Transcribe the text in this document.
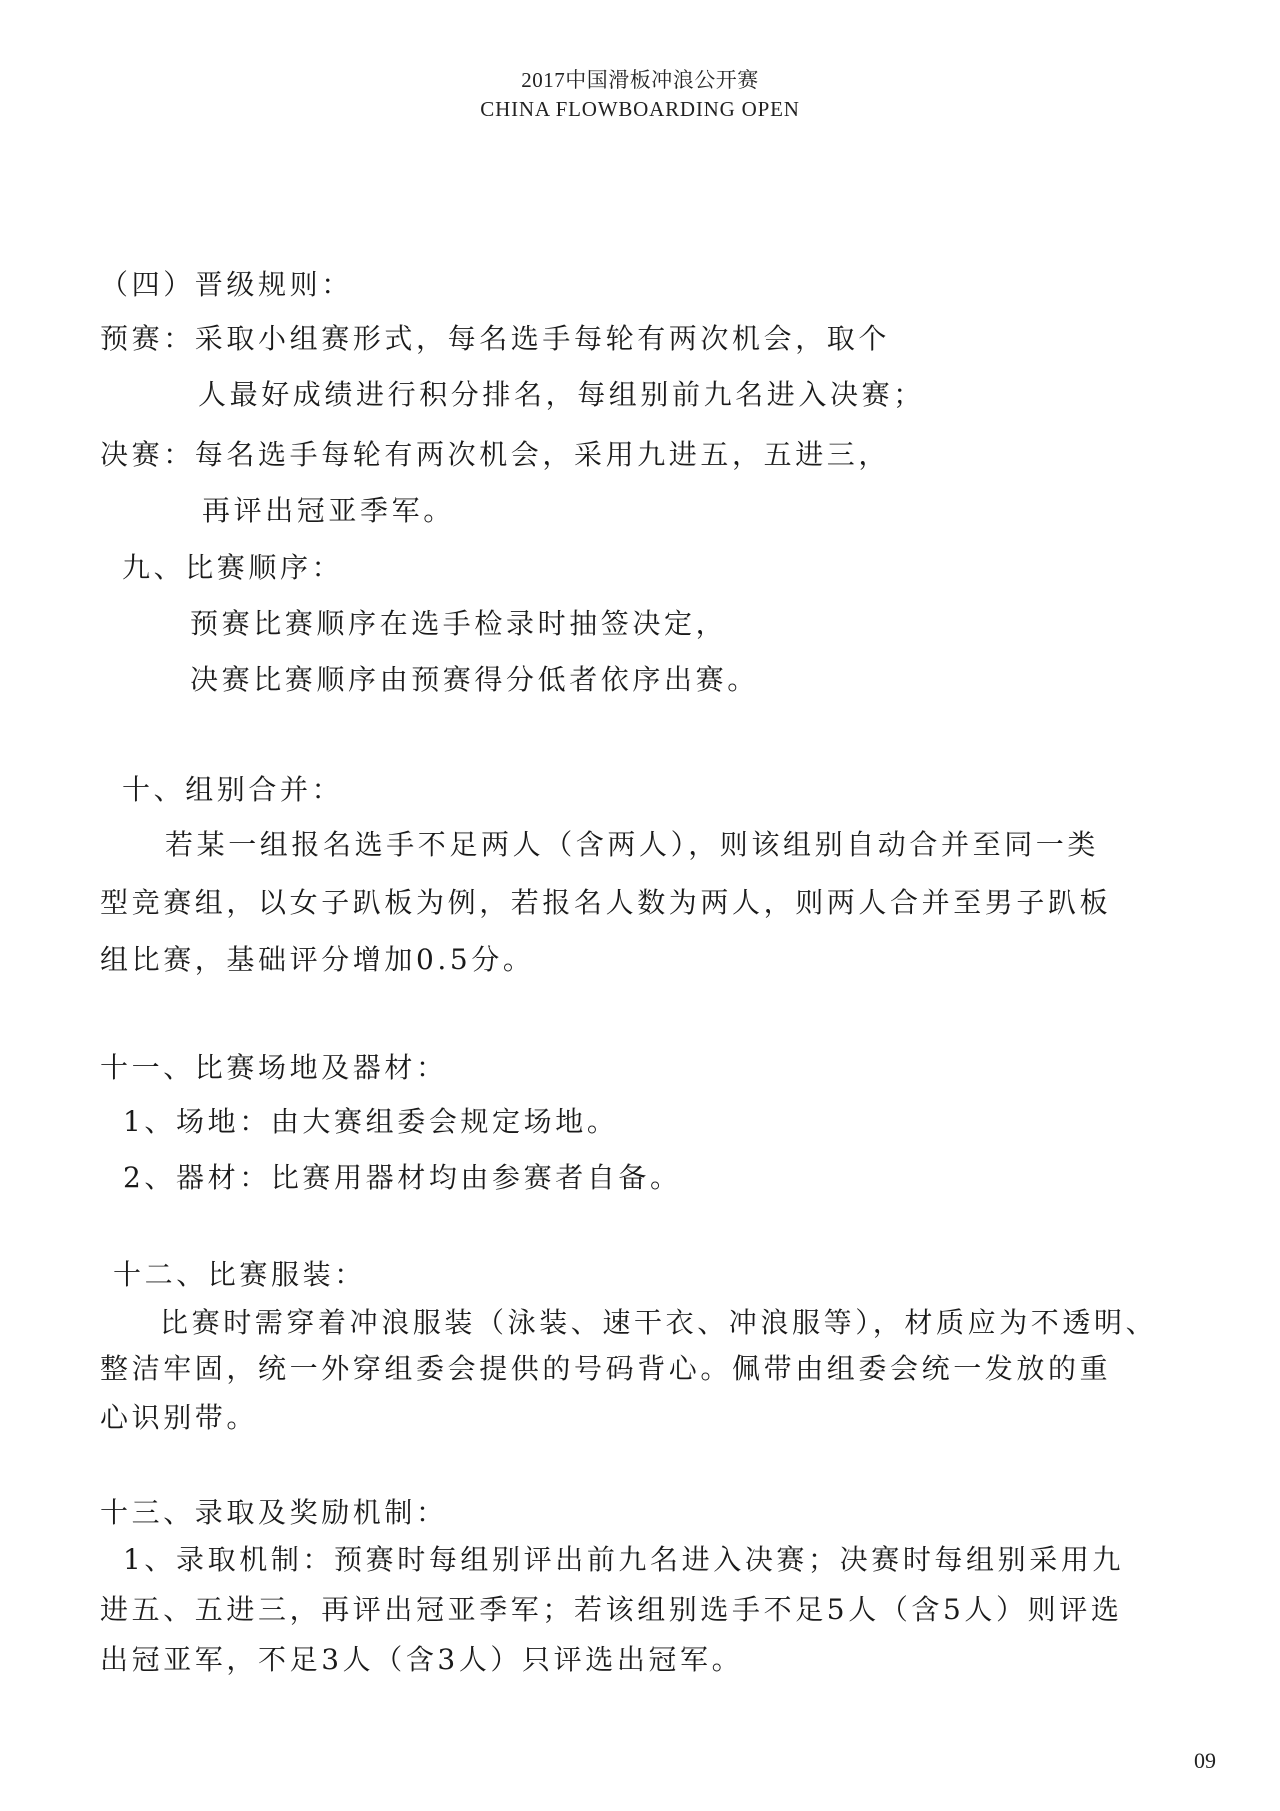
2017中国滑板冲浪公开赛
CHINA FLOWBOARDING OPEN
（四）晋级规则：
预赛：采取小组赛形式，每名选手每轮有两次机会，取个
人最好成绩进行积分排名，每组别前九名进入决赛；
决赛：每名选手每轮有两次机会，采用九进五，五进三，
再评出冠亚季军。
九、比赛顺序：
预赛比赛顺序在选手检录时抽签决定，
决赛比赛顺序由预赛得分低者依序出赛。
十、组别合并：
若某一组报名选手不足两人（含两人），则该组别自动合并至同一类
型竞赛组，以女子趴板为例，若报名人数为两人，则两人合并至男子趴板
组比赛，基础评分增加0.5分。
十一、比赛场地及器材：
1、场地：由大赛组委会规定场地。
2、器材：比赛用器材均由参赛者自备。
十二、比赛服装：
比赛时需穿着冲浪服装（泳装、速干衣、冲浪服等），材质应为不透明、
整洁牢固，统一外穿组委会提供的号码背心。佩带由组委会统一发放的重
心识别带。
十三、录取及奖励机制：
1、录取机制：预赛时每组别评出前九名进入决赛；决赛时每组别采用九
进五、五进三，再评出冠亚季军；若该组别选手不足5人（含5人）则评选
出冠亚军，不足3人（含3人）只评选出冠军。
09
